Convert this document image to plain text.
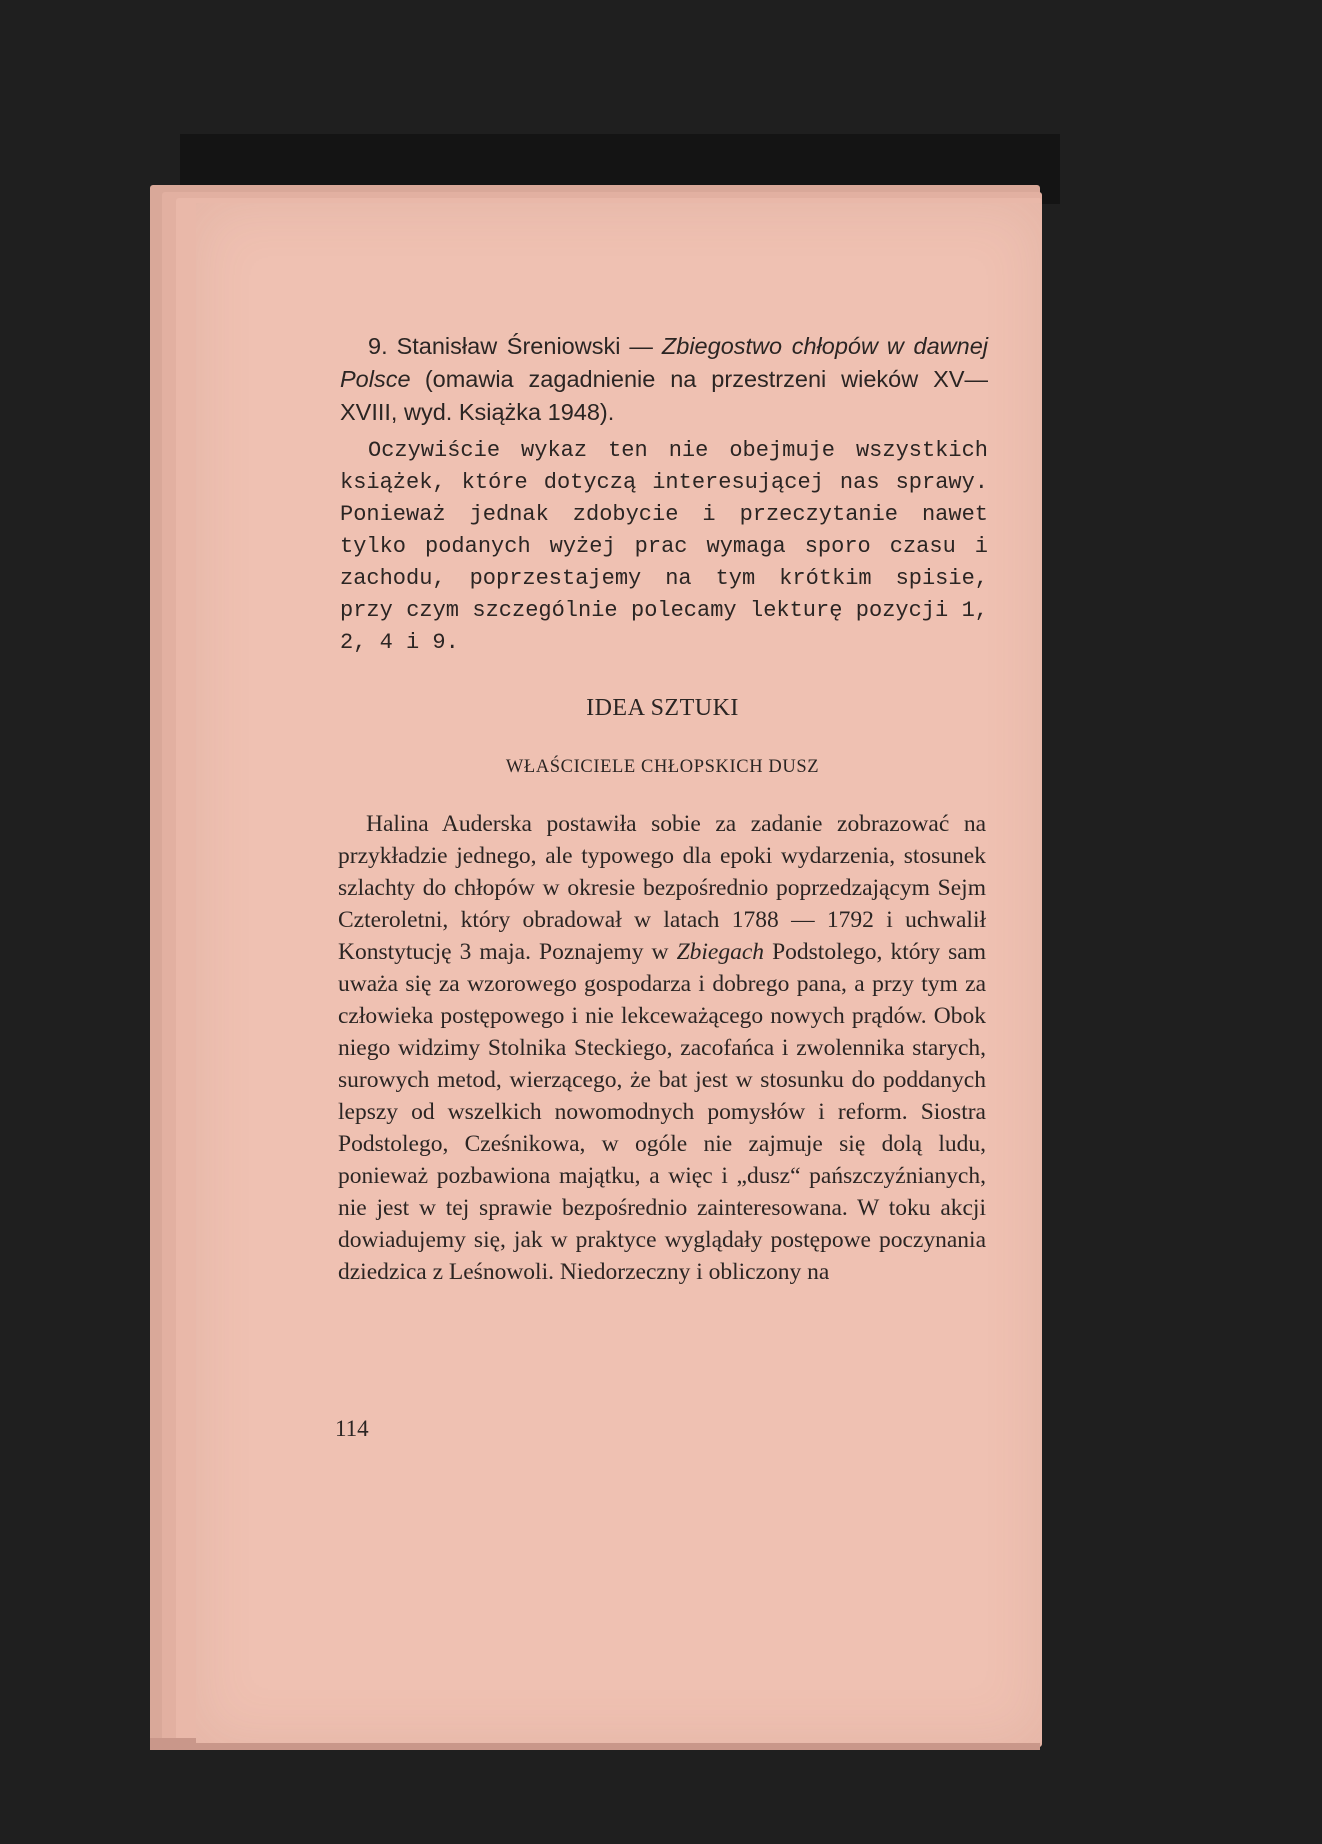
9. Stanisław Śreniowski — Zbiegostwo chłopów w dawnej Polsce (omawia zagadnienie na przestrzeni wieków XV—XVIII, wyd. Książka 1948).
Oczywiście wykaz ten nie obejmuje wszystkich książek, które dotyczą interesującej nas sprawy. Ponieważ jednak zdobycie i przeczytanie nawet tylko podanych wyżej prac wymaga sporo czasu i zachodu, poprzestajemy na tym krótkim spisie, przy czym szczególnie polecamy lekturę pozycji 1, 2, 4 i 9.
IDEA SZTUKI
WŁAŚCICIELE CHŁOPSKICH DUSZ
Halina Auderska postawiła sobie za zadanie zobrazować na przykładzie jednego, ale typowego dla epoki wydarzenia, stosunek szlachty do chłopów w okresie bezpośrednio poprzedzającym Sejm Czteroletni, który obradował w latach 1788 — 1792 i uchwalił Konstytucję 3 maja. Poznajemy w Zbiegach Podstolego, który sam uważa się za wzorowego gospodarza i dobrego pana, a przy tym za człowieka postępowego i nie lekceważącego nowych prądów. Obok niego widzimy Stolnika Steckiego, zacofańca i zwolennika starych, surowych metod, wierzącego, że bat jest w stosunku do poddanych lepszy od wszelkich nowomodnych pomysłów i reform. Siostra Podstolego, Cześnikowa, w ogóle nie zajmuje się dolą ludu, ponieważ pozbawiona majątku, a więc i „dusz“ pańszczyźnianych, nie jest w tej sprawie bezpośrednio zainteresowana. W toku akcji dowiadujemy się, jak w praktyce wyglądały postępowe poczynania dziedzica z Leśnowoli. Niedorzeczny i obliczony na
114
